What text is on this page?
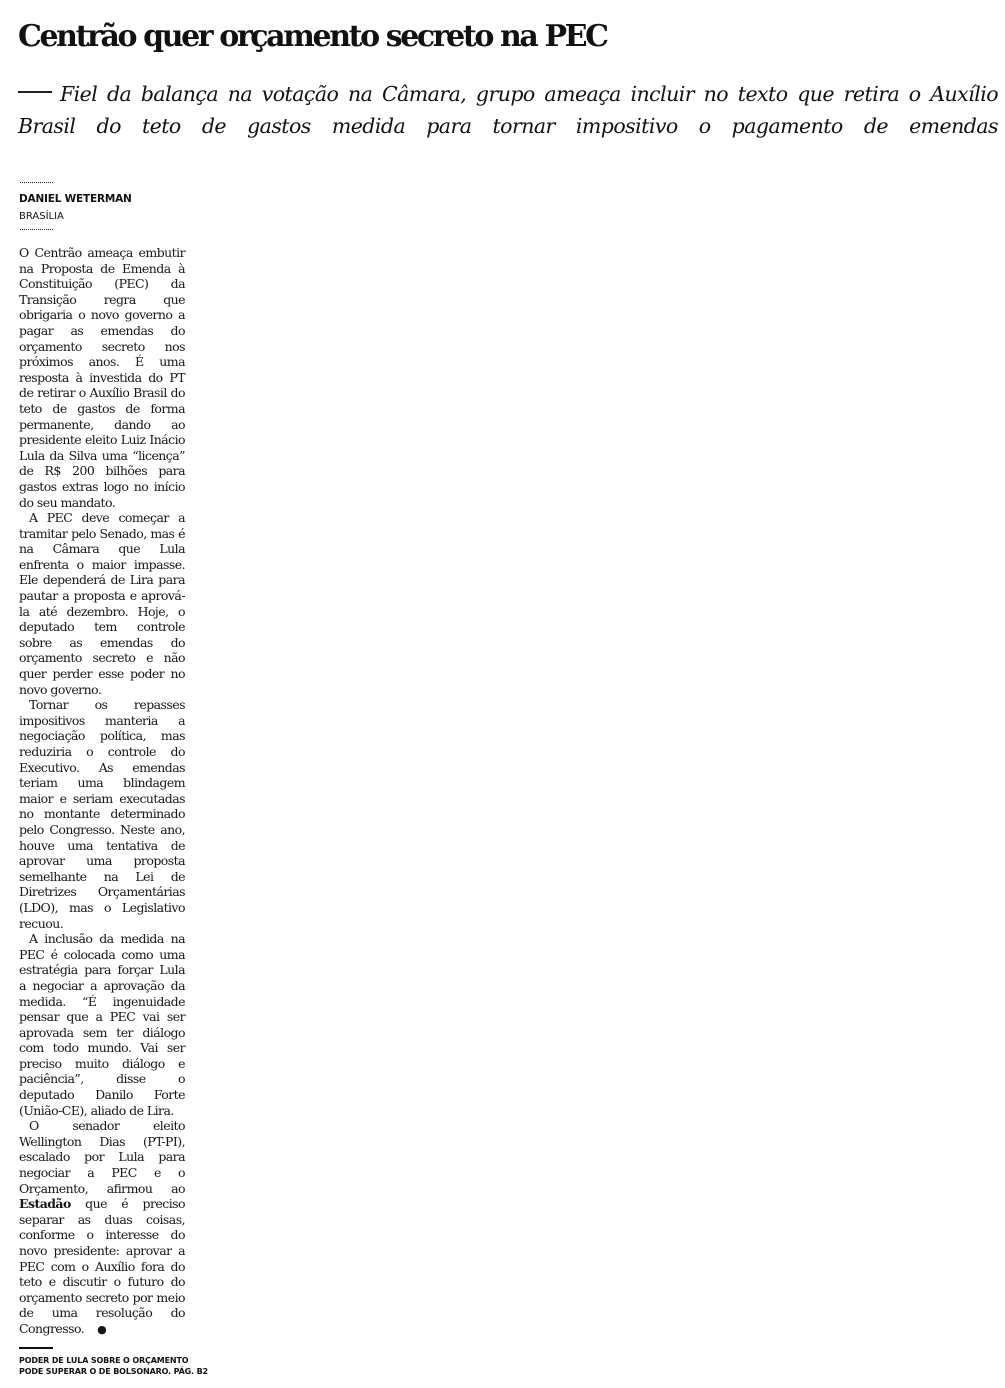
Centrão quer orçamento secreto na PEC

Fiel da balança na votação na Câmara, grupo ameaça incluir no texto que retira o Auxílio Brasil do teto de gastos medida para tornar impositivo o pagamento de emendas

DANIEL WETERMAN

BRASÍLIA

O Centrão ameaça embutir na Proposta de Emenda à Constituição (PEC) da Transição regra que obrigaria o novo governo a pagar as emendas do orçamento secreto nos próximos anos. É uma resposta à investida do PT de retirar o Auxílio Brasil do teto de gastos de forma permanente, dando ao presidente eleito Luiz Inácio Lula da Silva uma “licença” de R$ 200 bilhões para gastos extras logo no início do seu mandato.

A PEC deve começar a tramitar pelo Senado, mas é na Câmara que Lula enfrenta o maior impasse. Ele dependerá de Lira para pautar a proposta e aprová-la até dezembro. Hoje, o deputado tem controle sobre as emendas do orçamento secreto e não quer perder esse poder no novo governo.

Tornar os repasses impositivos manteria a negociação política, mas reduziria o controle do Executivo. As emendas teriam uma blindagem maior e seriam executadas no montante determinado pelo Congresso. Neste ano, houve uma tentativa de aprovar uma proposta semelhante na Lei de Diretrizes Orçamentárias (LDO), mas o Legislativo recuou.

A inclusão da medida na PEC é colocada como uma estratégia para forçar Lula a negociar a aprovação da medida. “É ingenuidade pensar que a PEC vai ser aprovada sem ter diálogo com todo mundo. Vai ser preciso muito diálogo e paciência”, disse o deputado Danilo Forte (União-CE), aliado de Lira.

O senador eleito Wellington Dias (PT-PI), escalado por Lula para negociar a PEC e o Orçamento, afirmou ao Estadão que é preciso separar as duas coisas, conforme o interesse do novo presidente: aprovar a PEC com o Auxílio fora do teto e discutir o futuro do orçamento secreto por meio de uma resolução do Congresso. ●

PODER DE LULA SOBRE O ORÇAMENTO
PODE SUPERAR O DE BOLSONARO. PÁG. B2
